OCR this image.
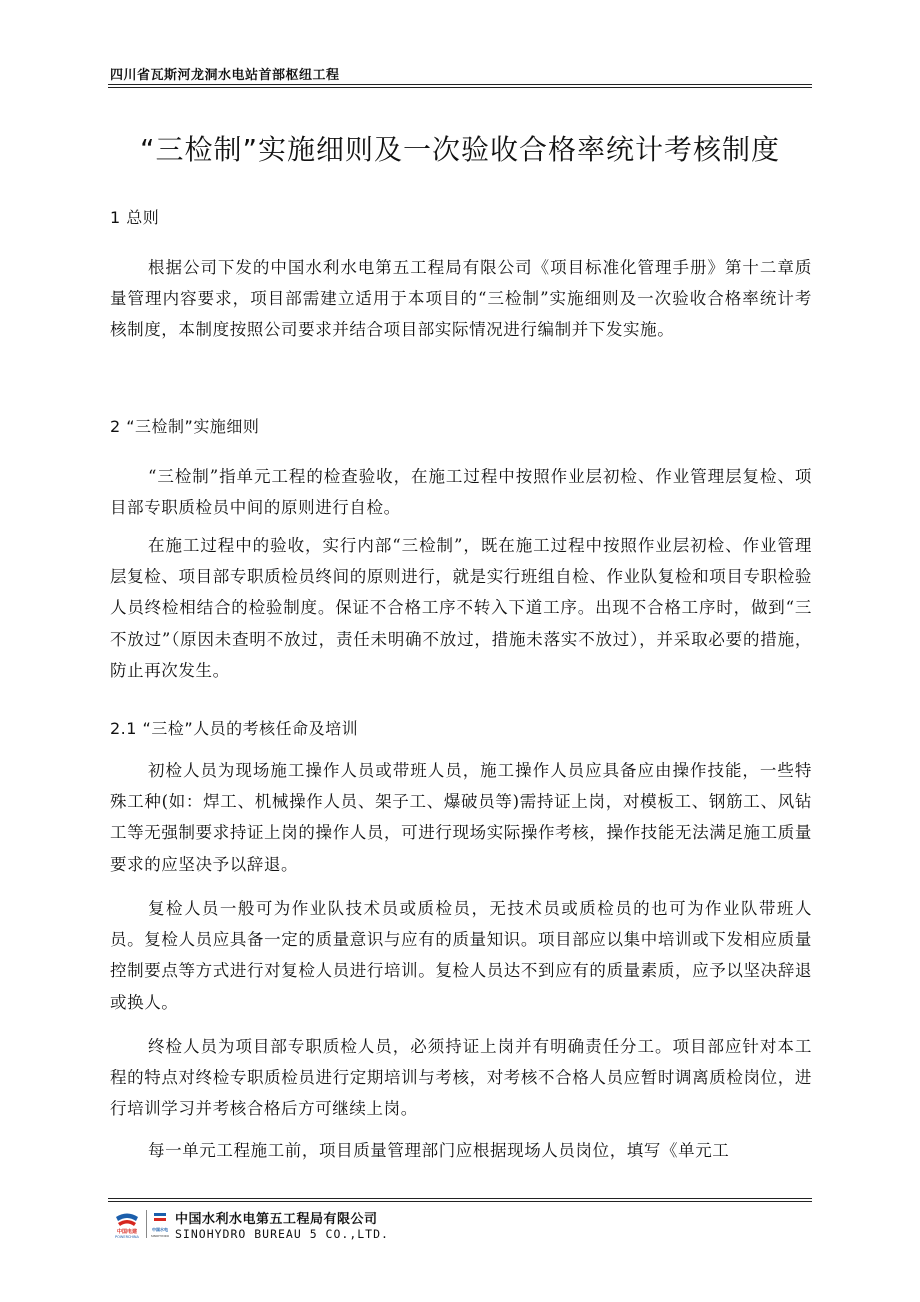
四川省瓦斯河龙洞水电站首部枢纽工程
“三检制”实施细则及一次验收合格率统计考核制度
1 总则

根据公司下发的中国水利水电第五工程局有限公司《项目标准化管理手册》第十二章质量管理内容要求，项目部需建立适用于本项目的“三检制”实施细则及一次验收合格率统计考核制度，本制度按照公司要求并结合项目部实际情况进行编制并下发实施。

2 “三检制”实施细则

“三检制”指单元工程的检查验收，在施工过程中按照作业层初检、作业管理层复检、项目部专职质检员中间的原则进行自检。

在施工过程中的验收，实行内部“三检制”，既在施工过程中按照作业层初检、作业管理层复检、项目部专职质检员终间的原则进行，就是实行班组自检、作业队复检和项目专职检验人员终检相结合的检验制度。保证不合格工序不转入下道工序。出现不合格工序时，做到“三不放过”（原因未查明不放过，责任未明确不放过，措施未落实不放过），并采取必要的措施，防止再次发生。

2.1 “三检”人员的考核任命及培训

初检人员为现场施工操作人员或带班人员，施工操作人员应具备应由操作技能，一些特殊工种(如：焊工、机械操作人员、架子工、爆破员等)需持证上岗，对模板工、钢筋工、风钻工等无强制要求持证上岗的操作人员，可进行现场实际操作考核，操作技能无法满足施工质量要求的应坚决予以辞退。

复检人员一般可为作业队技术员或质检员，无技术员或质检员的也可为作业队带班人员。复检人员应具备一定的质量意识与应有的质量知识。项目部应以集中培训或下发相应质量控制要点等方式进行对复检人员进行培训。复检人员达不到应有的质量素质，应予以坚决辞退或换人。

终检人员为项目部专职质检人员，必须持证上岗并有明确责任分工。项目部应针对本工程的特点对终检专职质检员进行定期培训与考核，对考核不合格人员应暂时调离质检岗位，进行培训学习并考核合格后方可继续上岗。

每一单元工程施工前，项目质量管理部门应根据现场人员岗位，填写《单元工

中国电建
POWERCHINA
中国水电
SINOHYDRO
中国水利水电第五工程局有限公司
SINOHYDRO BUREAU 5 CO.,LTD.
